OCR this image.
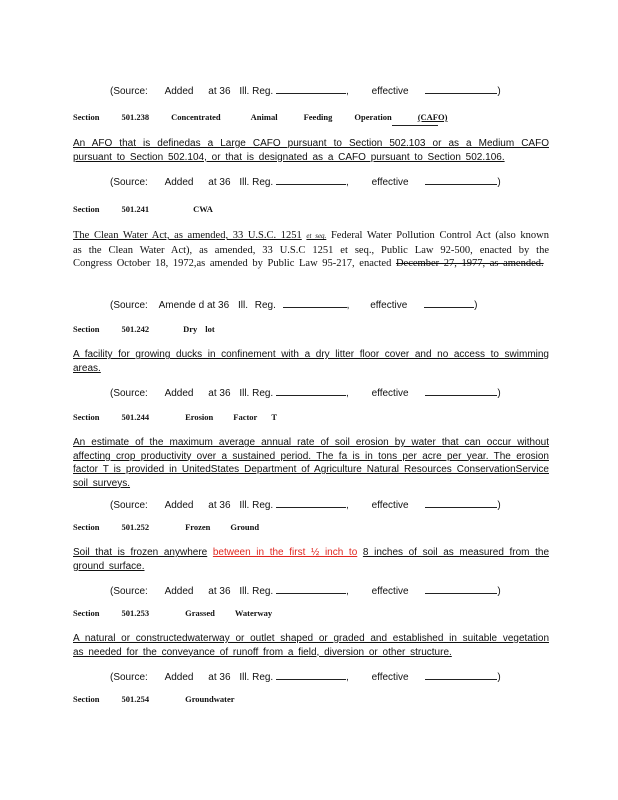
(Source: Added at 36 Ill. Reg.	, effective	)
Section	501.238	Concentrated	Animal	Feeding	Operation	(CAFO)
An AFO that is definedas a Large CAFO pursuant to Section 502.103 or as a Medium CAFO pursuant to Section 502.104, or that is designated as a CAFO pursuant to Section 502.106.
(Source: Added at 36 Ill. Reg.	, effective	)
Section	501.241	CWA
The Clean Water Act, as amended, 33 U.S.C. 1251 et seq. Federal Water Pollution Control Act (also known as the Clean Water Act), as amended, 33 U.S.C 1251 et seq., Public Law 92-500, enacted by the Congress October 18, 1972,as amended by Public Law 95-217, enacted December 27, 1977, as amended.
(Source: Amende d at 36 Ill. Reg.	, effective	)
Section	501.242	Dry lot
A facility for growing ducks in confinement with a dry litter floor cover and no access to swimming areas.
(Source: Added at 36 Ill. Reg.	, effective	)
Section	501.244	Erosion Factor T
An estimate of the maximum average annual rate of soil erosion by water that can occur without affecting crop productivity over a sustained period. The fa is in tons per acre per year. The erosion factor T is provided in UnitedStates Department of Agriculture Natural Resources ConservationService soil surveys.
(Source: Added at 36 Ill. Reg.	, effective	)
Section	501.252	Frozen Ground
Soil that is frozen anywhere between in the first ½ inch to 8 inches of soil as measured from the ground surface.
(Source: Added at 36 Ill. Reg.	, effective	)
Section	501.253	Grassed Waterway
A natural or constructedwaterway or outlet shaped or graded and established in suitable vegetation as needed for the conveyance of runoff from a field, diversion or other structure.
(Source: Added at 36 Ill. Reg.	, effective	)
Section	501.254	Groundwater
